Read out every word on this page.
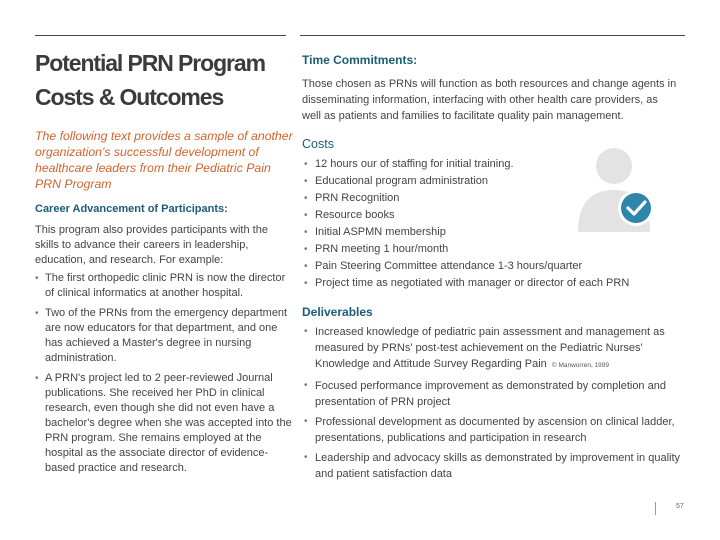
Potential PRN Program
Costs & Outcomes
The following text provides a sample of another organization's successful development of healthcare leaders from their Pediatric Pain PRN Program
Career Advancement of Participants:
This program also provides participants with the skills to advance their careers in leadership, education, and research. For example:
• The first orthopedic clinic PRN is now the director of clinical informatics at another hospital.
• Two of the PRNs from the emergency department are now educators for that department, and one has achieved a Master's degree in nursing administration.
• A PRN's project led to 2 peer-reviewed Journal publications. She received her PhD in clinical research, even though she did not even have a bachelor's degree when she was accepted into the PRN program. She remains employed at the hospital as the associate director of evidence-based practice and research.
Time Commitments:
Those chosen as PRNs will function as both resources and change agents in disseminating information, interfacing with other health care providers, as well as patients and families to facilitate quality pain management.
Costs
• 12 hours our of staffing for initial training.
• Educational program administration
• PRN Recognition
• Resource books
• Initial ASPMN membership
• PRN meeting 1 hour/month
• Pain Steering Committee attendance 1-3 hours/quarter
• Project time as negotiated with manager or director of each PRN
Deliverables
• Increased knowledge of pediatric pain assessment and management as measured by PRNs' post-test achievement on the Pediatric Nurses' Knowledge and Attitude Survey Regarding Pain © Manworren, 1999
• Focused performance improvement as demonstrated by completion and presentation of PRN project
• Professional development as documented by ascension on clinical ladder, presentations, publications and participation in research
• Leadership and advocacy skills as demonstrated by improvement in quality and patient satisfaction data
57
